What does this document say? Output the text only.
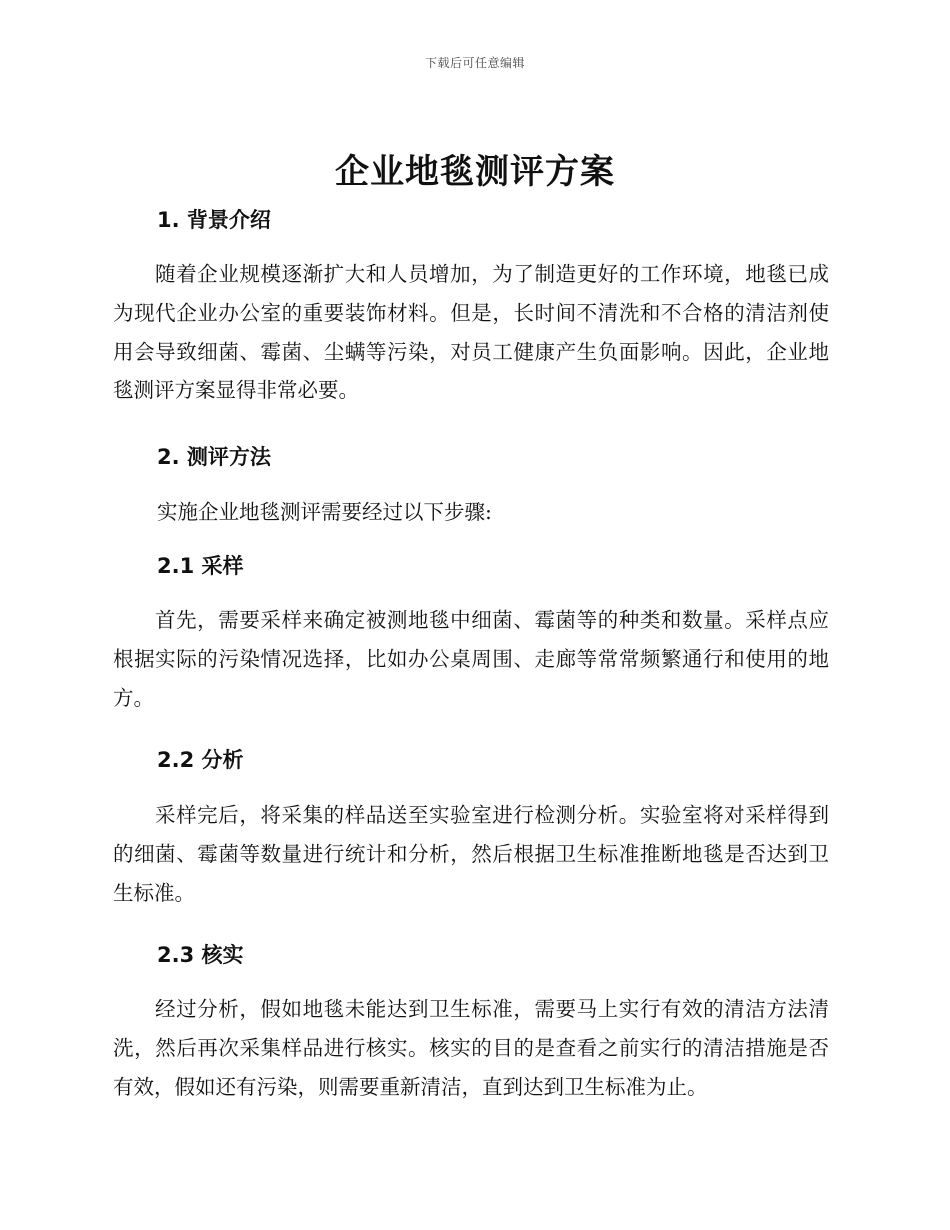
下载后可任意编辑
企业地毯测评方案
1. 背景介绍
随着企业规模逐渐扩大和人员增加，为了制造更好的工作环境，地毯已成为现代企业办公室的重要装饰材料。但是，长时间不清洗和不合格的清洁剂使用会导致细菌、霉菌、尘螨等污染，对员工健康产生负面影响。因此，企业地毯测评方案显得非常必要。
2. 测评方法
实施企业地毯测评需要经过以下步骤:
2.1 采样
首先，需要采样来确定被测地毯中细菌、霉菌等的种类和数量。采样点应根据实际的污染情况选择，比如办公桌周围、走廊等常常频繁通行和使用的地方。
2.2 分析
采样完后，将采集的样品送至实验室进行检测分析。实验室将对采样得到的细菌、霉菌等数量进行统计和分析，然后根据卫生标准推断地毯是否达到卫生标准。
2.3 核实
经过分析，假如地毯未能达到卫生标准，需要马上实行有效的清洁方法清洗，然后再次采集样品进行核实。核实的目的是查看之前实行的清洁措施是否有效，假如还有污染，则需要重新清洁，直到达到卫生标准为止。
